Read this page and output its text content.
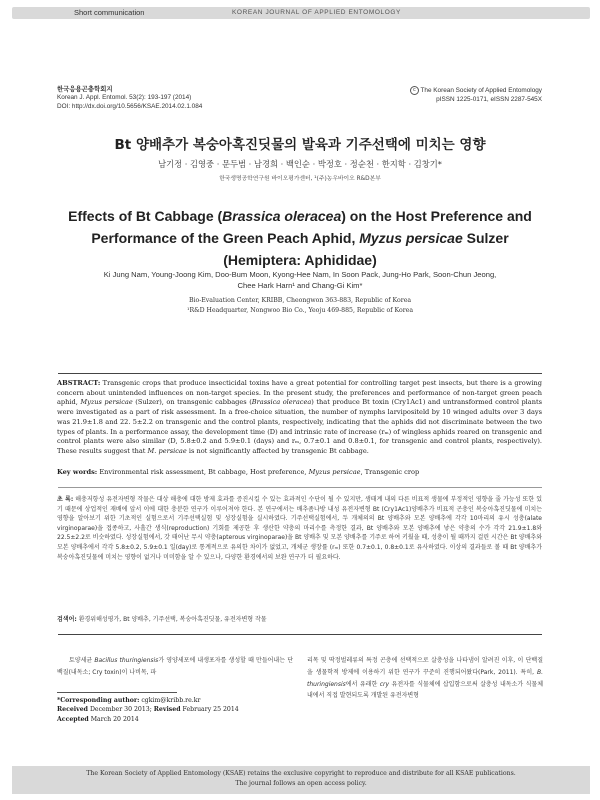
Short communication	KOREAN JOURNAL OF APPLIED ENTOMOLOGY
한국응용곤충학회지
Korean J. Appl. Entomol. 53(2): 193-197 (2014)
DOI: http://dx.doi.org/10.5656/KSAE.2014.02.1.084
c The Korean Society of Applied Entomology
pISSN 1225-0171, eISSN 2287-545X
Bt 양배추가 복숭아혹진딧물의 발육과 기주선택에 미치는 영향
남기정 · 김영중 · 문두범 · 남경희 · 백인순 · 박정호 · 정순천 · 한지학 · 김창기*
한국생명공학연구원 바이오평가센터, ¹(주)농우바이오 R&D본부
Effects of Bt Cabbage (Brassica oleracea) on the Host Preference and
Performance of the Green Peach Aphid, Myzus persicae Sulzer
(Hemiptera: Aphididae)
Ki Jung Nam, Young-Joong Kim, Doo-Bum Moon, Kyong-Hee Nam, In Soon Pack, Jung-Ho Park, Soon-Chun Jeong,
Chee Hark Harn¹ and Chang-Gi Kim*
Bio-Evaluation Center, KRIBB, Cheongwon 363-883, Republic of Korea
¹R&D Headquarter, Nongwoo Bio Co., Yeoju 469-885, Republic of Korea
ABSTRACT: Transgenic crops that produce insecticidal toxins have a great potential for controlling target pest insects, but there is a growing concern about unintended influences on non-target species. In the present study, the preferences and performance of non-target green peach aphid, Myzus persicae (Sulzer), on transgenic cabbages (Brassica oleracea) that produce Bt toxin (Cry1Ac1) and untransformed control plants were investigated as a part of risk assessment. In a free-choice situation, the number of nymphs larvipositeld by 10 winged adults over 3 days was 21.9±1.8 and 22. 5±2.2 on transgenic and the control plants, respectively, indicating that the aphids did not discriminate between the two types of plants. In a performance assay, the development time (D) and intrinsic rate of increase (rₘ) of wingless aphids reared on transgenic and control plants were also similar (D, 5.8±0.2 and 5.9±0.1 (days) and rₘ, 0.7±0.1 and 0.8±0.1, for transgenic and control plants, respectively). These results suggest that M. persicae is not significantly affected by transgenic Bt cabbage.
Key words: Environmental risk assessment, Bt cabbage, Host preference, Myzus persicae, Transgenic crop
초 록: 해충저항성 유전자변형 작물은 대상 해충에 대한 방제 효과를 증진시킬 수 있는 효과적인 수단이 될 수 있지만, 생태계 내의 다른 비표적 생물에 부정적인 영향을 줄 가능성 또한 있기 때문에 상업적인 재배에 앞서 이에 대한 충분한 연구가 이루어져야 한다. 본 연구에서는 배추좀나방 내성 유전자변형 Bt (Cry1Ac1)양배추가 비표적 곤충인 복숭아혹진딧물에 미치는 영향을 알아보기 위한 기초적인 실험으로서 기주선택실험 및 성장실험을 실시하였다. 기주선택실험에서, 두 개체의의 Bt 양배추와 모본 양배추에 각각 10마리의 유시 성충(alate virginoparae)을 접종하고, 사흘간 생식(reproduction) 기회를 제공한 후 생산한 약충의 마리수를 측정한 결과, Bt 양배추와 모본 양배추에 낳은 약충의 수가 각각 21.9±1.8와 22.5±2.2로 비슷하였다. 성장실험에서, 갓 태어난 무시 약충(apterous virginoparae)을 Bt 양배추 및 모본 양배추를 기주로 하여 키웠을 때, 성충이 될 때까지 걸린 시간은 Bt 양배추와 모본 양배추에서 각각 5.8±0.2, 5.9±0.1 일(day)로 통계적으로 유의한 차이가 없었고, 개체군 생장률 (rₘ) 또한 0.7±0.1, 0.8±0.1로 유사하였다. 이상의 결과들로 볼 때 Bt 양배추가 복숭아혹진딧물에 미치는 영향이 없거나 미미함을 알 수 있으나, 다양한 환경에서의 보완 연구가 더 필요하다.
검색어: 환경위해성평가, Bt 양배추, 기주선택, 복숭아혹진딧물, 유전자변형 작물
토양세균 Bacillus thuringiensis가 영양세포에 내생포자를 생성할 때 만들어내는 단백질(내독소; Cry toxin)이 나비목, 파
리목 및 딱정벌레류의 특정 곤충에 선택적으로 살충성을 나타냄이 알려진 이후, 이 단백질을 생물학적 방제에 이용하기 위한 연구가 꾸준히 진행되어왔다(Park, 2011). 특히, B. thuringiensis에서 유래한 cry 유전자를 식물체에 삽입함으로써 살충성 내독소가 식물체 내에서 직접 발현되도록 개발된 유전자변형
*Corresponding author: cgkim@kribb.re.kr
Received December 30 2013; Revised February 25 2014
Accepted March 20 2014
The Korean Society of Applied Entomology (KSAE) retains the exclusive copyright to reproduce and distribute for all KSAE publications.
The journal follows an open access policy.
